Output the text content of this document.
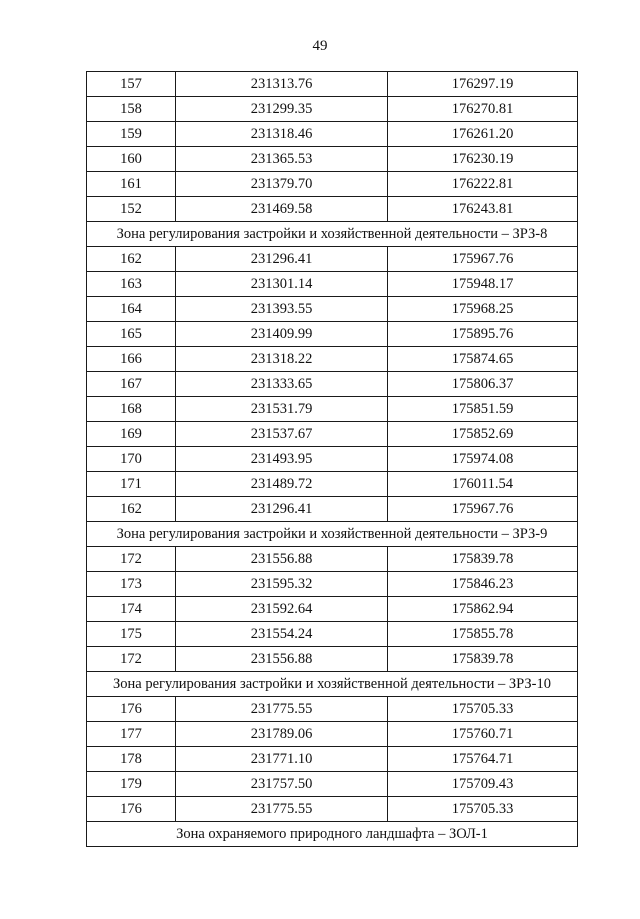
49
157	231313.76	176297.19
158	231299.35	176270.81
159	231318.46	176261.20
160	231365.53	176230.19
161	231379.70	176222.81
152	231469.58	176243.81
Зона регулирования застройки и хозяйственной деятельности – ЗРЗ-8		
162	231296.41	175967.76
163	231301.14	175948.17
164	231393.55	175968.25
165	231409.99	175895.76
166	231318.22	175874.65
167	231333.65	175806.37
168	231531.79	175851.59
169	231537.67	175852.69
170	231493.95	175974.08
171	231489.72	176011.54
162	231296.41	175967.76
Зона регулирования застройки и хозяйственной деятельности – ЗРЗ-9		
172	231556.88	175839.78
173	231595.32	175846.23
174	231592.64	175862.94
175	231554.24	175855.78
172	231556.88	175839.78
Зона регулирования застройки и хозяйственной деятельности – ЗРЗ-10		
176	231775.55	175705.33
177	231789.06	175760.71
178	231771.10	175764.71
179	231757.50	175709.43
176	231775.55	175705.33
Зона охраняемого природного ландшафта – ЗОЛ-1		
